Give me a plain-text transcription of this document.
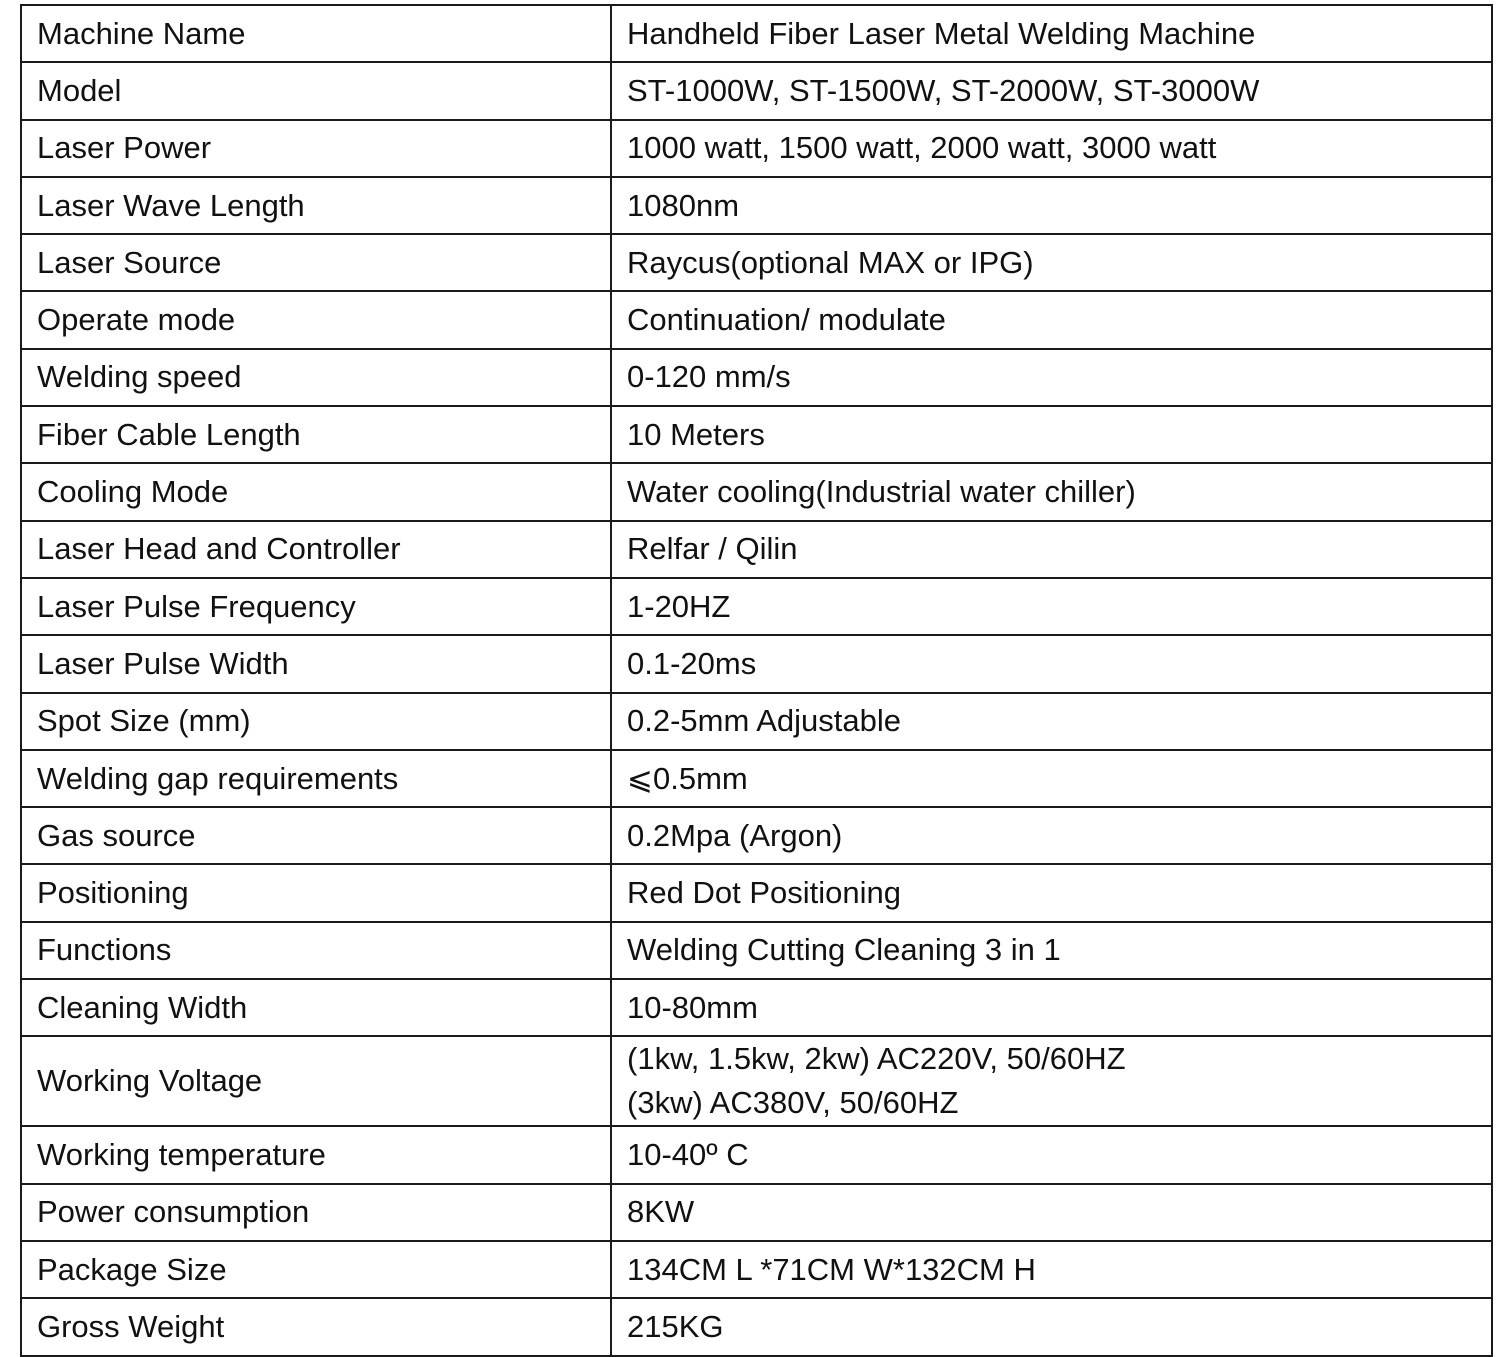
Machine Name	Handheld Fiber Laser Metal Welding Machine
Model	ST-1000W, ST-1500W, ST-2000W, ST-3000W
Laser Power	1000 watt, 1500 watt, 2000 watt, 3000 watt
Laser Wave Length	1080nm
Laser Source	Raycus(optional MAX or IPG)
Operate mode	Continuation/ modulate
Welding speed	0-120 mm/s
Fiber Cable Length	10 Meters
Cooling Mode	Water cooling(Industrial water chiller)
Laser Head and Controller	Relfar / Qilin
Laser Pulse Frequency	1-20HZ
Laser Pulse Width	0.1-20ms
Spot Size (mm)	0.2-5mm Adjustable
Welding gap requirements	⩽0.5mm
Gas source	0.2Mpa (Argon)
Positioning	Red Dot Positioning
Functions	Welding Cutting Cleaning 3 in 1
Cleaning Width	10-80mm
Working Voltage	(1kw, 1.5kw, 2kw) AC220V, 50/60HZ
(3kw) AC380V, 50/60HZ

Working temperature	10-40º C
Power consumption	8KW
Package Size	134CM L *71CM W*132CM H
Gross Weight	215KG
